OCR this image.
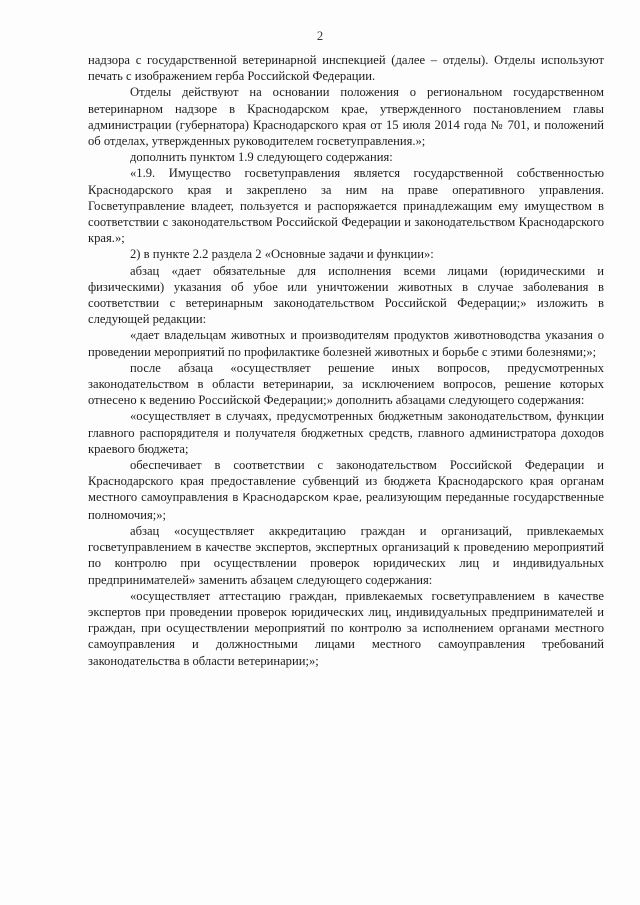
2

надзора с государственной ветеринарной инспекцией (далее – отделы). Отделы используют печать с изображением герба Российской Федерации.

Отделы действуют на основании положения о региональном государственном ветеринарном надзоре в Краснодарском крае, утвержденного постановлением главы администрации (губернатора) Краснодарского края от 15 июля 2014 года № 701, и положений об отделах, утвержденных руководителем госветуправления.»;

дополнить пунктом 1.9 следующего содержания:

«1.9. Имущество госветуправления является государственной собственностью Краснодарского края и закреплено за ним на праве оперативного управления. Госветуправление владеет, пользуется и распоряжается принадлежащим ему имуществом в соответствии с законодательством Российской Федерации и законодательством Краснодарского края.»;

2) в пункте 2.2 раздела 2 «Основные задачи и функции»:

абзац «дает обязательные для исполнения всеми лицами (юридическими и физическими) указания об убое или уничтожении животных в случае заболевания в соответствии с ветеринарным законодательством Российской Федерации;» изложить в следующей редакции:

«дает владельцам животных и производителям продуктов животноводства указания о проведении мероприятий по профилактике болезней животных и борьбе с этими болезнями;»;

после абзаца «осуществляет решение иных вопросов, предусмотренных законодательством в области ветеринарии, за исключением вопросов, решение которых отнесено к ведению Российской Федерации;» дополнить абзацами следующего содержания:

«осуществляет в случаях, предусмотренных бюджетным законодательством, функции главного распорядителя и получателя бюджетных средств, главного администратора доходов краевого бюджета;

обеспечивает в соответствии с законодательством Российской Федерации и Краснодарского края предоставление субвенций из бюджета Краснодарского края органам местного самоуправления в Краснодарском крае, реализующим переданные государственные полномочия;»;

абзац «осуществляет аккредитацию граждан и организаций, привлекаемых госветуправлением в качестве экспертов, экспертных организаций к проведению мероприятий по контролю при осуществлении проверок юридических лиц и индивидуальных предпринимателей» заменить абзацем следующего содержания:

«осуществляет аттестацию граждан, привлекаемых госветуправлением в качестве экспертов при проведении проверок юридических лиц, индивидуальных предпринимателей и граждан, при осуществлении мероприятий по контролю за исполнением органами местного самоуправления и должностными лицами местного самоуправления требований законодательства в области ветеринарии;»;
